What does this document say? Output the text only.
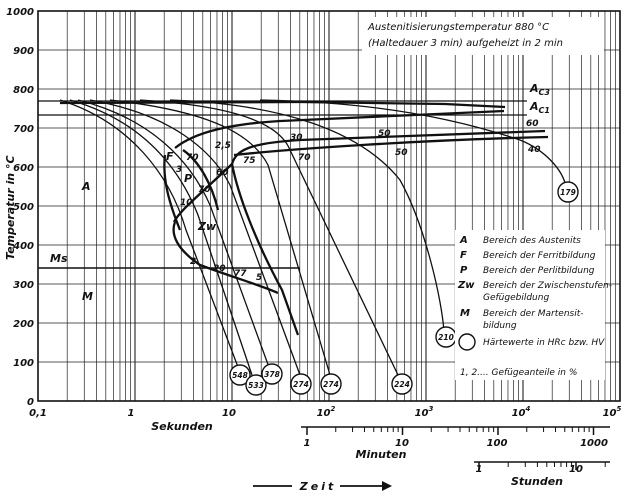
0
100
200
300
400
500
600
700
800
900
1000
Temperatur in °C
0,1	1	10	$10^2$	$10^3$	$10^4$	$10^5$
Sekunden
1	10	100	1000
Minuten
1	10
Stunden
Zeit
Austenitisierungstemperatur 880 °C
(Haltedauer 3 min) aufgeheizt in 2 min
$A_{C3}$
$A_{C1}$
Ms
548
533
378
274 274	224
210
179
A
F
P
Zw
M
2,5
70
3	60
70
10
75
30
70
50
50
60
40
2
20 77 5
A Bereich des Austenits
F Bereich der Ferritbildung
P Bereich der Perlitbildung
Zw Bereich der Zwischenstufen-
Gefügebildung
M Bereich der Martensit-
bildung
Härtewerte in HRc bzw. HV
1, 2.... Gefügeanteile in %
